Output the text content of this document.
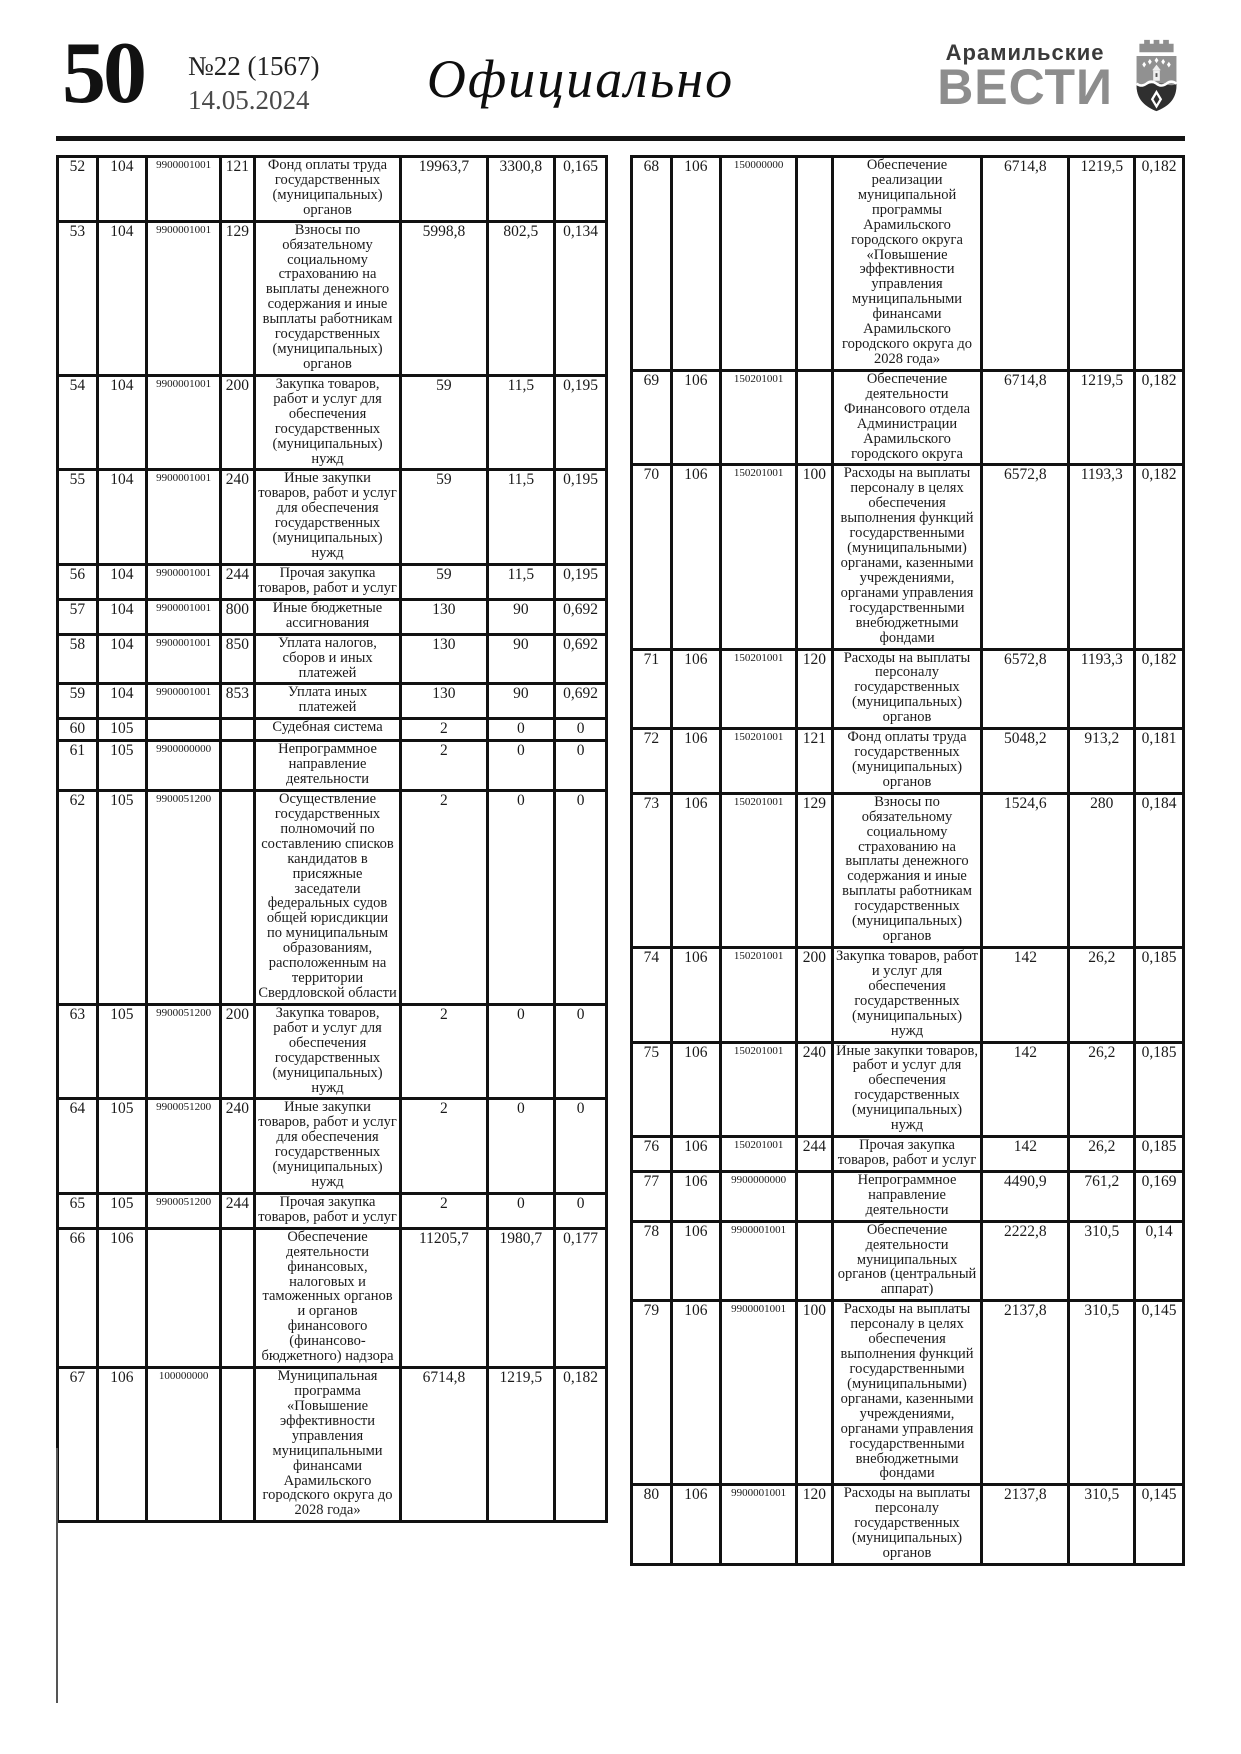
50 №22 (1567)
14.05.2024	Официально	Арамильские
ВЕСТИ
52	104	9900001001	121	Фонд оплаты труда государственных (муниципальных) органов	19963,7	3300,8	0,165
53	104	9900001001	129	Взносы по обязательному социальному страхованию на выплаты денежного содержания и иные выплаты работникам государственных (муниципальных) органов	5998,8	802,5	0,134
54	104	9900001001	200	Закупка товаров, работ и услуг для обеспечения государственных (муниципальных) нужд	59	11,5	0,195
55	104	9900001001	240	Иные закупки товаров, работ и услуг для обеспечения государственных (муниципальных) нужд	59	11,5	0,195
56	104	9900001001	244	Прочая закупка товаров, работ и услуг	59	11,5	0,195
57	104	9900001001	800	Иные бюджетные ассигнования	130	90	0,692
58	104	9900001001	850	Уплата налогов, сборов и иных платежей	130	90	0,692
59	104	9900001001	853	Уплата иных платежей	130	90	0,692
60	105			Судебная система	2	0	0
61	105	9900000000		Непрограммное направление деятельности	2	0	0
62	105	9900051200		Осуществление государственных полномочий по составлению списков кандидатов в присяжные заседатели федеральных судов общей юрисдикции по муниципальным образованиям, расположенным на территории Свердловской области	2	0	0
63	105	9900051200	200	Закупка товаров, работ и услуг для обеспечения государственных (муниципальных) нужд	2	0	0
64	105	9900051200	240	Иные закупки товаров, работ и услуг для обеспечения государственных (муниципальных) нужд	2	0	0
65	105	9900051200	244	Прочая закупка товаров, работ и услуг	2	0	0
66	106			Обеспечение деятельности финансовых, налоговых и таможенных органов и органов финансового (финансово-бюджетного) надзора	11205,7	1980,7	0,177
67	106	100000000		Муниципальная программа «Повышение эффективности управления муниципальными финансами Арамильского городского округа до 2028 года»	6714,8	1219,5	0,182
68	106	150000000		Обеспечение реализации муниципальной программы Арамильского городского округа «Повышение эффективности управления муниципальными финансами Арамильского городского округа до 2028 года»	6714,8	1219,5	0,182
69	106	150201001		Обеспечение деятельности Финансового отдела Администрации Арамильского городского округа	6714,8	1219,5	0,182
70	106	150201001	100	Расходы на выплаты персоналу в целях обеспечения выполнения функций государственными (муниципальными) органами, казенными учреждениями, органами управления государственными внебюджетными фондами	6572,8	1193,3	0,182
71	106	150201001	120	Расходы на выплаты персоналу государственных (муниципальных) органов	6572,8	1193,3	0,182
72	106	150201001	121	Фонд оплаты труда государственных (муниципальных) органов	5048,2	913,2	0,181
73	106	150201001	129	Взносы по обязательному социальному страхованию на выплаты денежного содержания и иные выплаты работникам государственных (муниципальных) органов	1524,6	280	0,184
74	106	150201001	200	Закупка товаров, работ и услуг для обеспечения государственных (муниципальных) нужд	142	26,2	0,185
75	106	150201001	240	Иные закупки товаров, работ и услуг для обеспечения государственных (муниципальных) нужд	142	26,2	0,185
76	106	150201001	244	Прочая закупка товаров, работ и услуг	142	26,2	0,185
77	106	9900000000		Непрограммное направление деятельности	4490,9	761,2	0,169
78	106	9900001001		Обеспечение деятельности муниципальных органов (центральный аппарат)	2222,8	310,5	0,14
79	106	9900001001	100	Расходы на выплаты персоналу в целях обеспечения выполнения функций государственными (муниципальными) органами, казенными учреждениями, органами управления государственными внебюджетными фондами	2137,8	310,5	0,145
80	106	9900001001	120	Расходы на выплаты персоналу государственных (муниципальных) органов	2137,8	310,5	0,145
